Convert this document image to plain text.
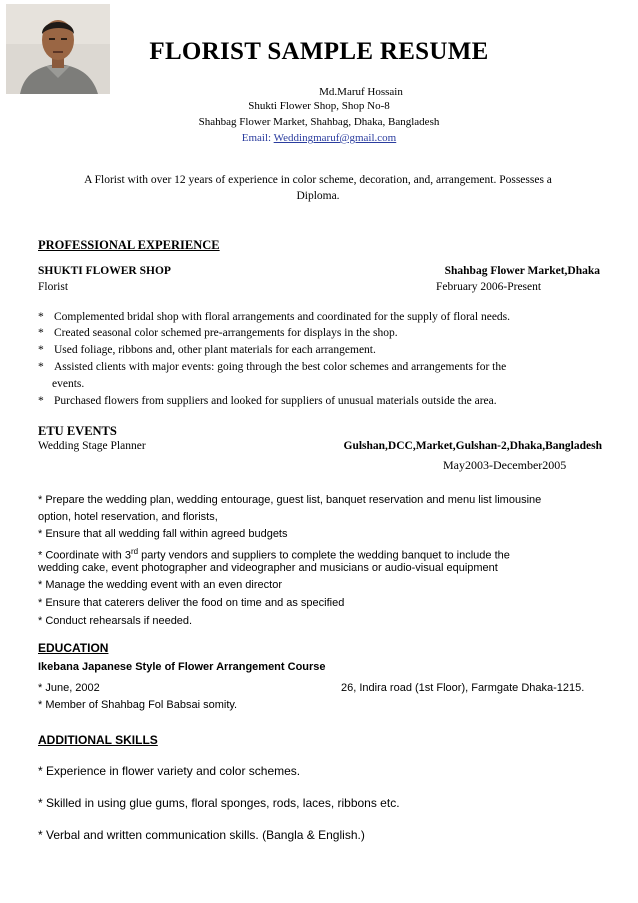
FLORIST SAMPLE RESUME
Md.Maruf Hossain
Shukti Flower Shop, Shop No-8
Shahbag Flower Market, Shahbag, Dhaka, Bangladesh
Email: Weddingmaruf@gmail.com
A Florist with over 12 years of experience in color scheme, decoration, and, arrangement. Possesses a
Diploma.
PROFESSIONAL EXPERIENCE
SHUKTI FLOWER SHOP	Shahbag Flower Market,Dhaka
Florist	February 2006-Present
* Complemented bridal shop with floral arrangements and coordinated for the supply of floral needs.
* Created seasonal color schemed pre-arrangements for displays in the shop.
* Used foliage, ribbons and, other plant materials for each arrangement.
* Assisted clients with major events: going through the best color schemes and arrangements for the
events.
* Purchased flowers from suppliers and looked for suppliers of unusual materials outside the area.
ETU EVENTS
Wedding Stage Planner	Gulshan,DCC,Market,Gulshan-2,Dhaka,Bangladesh
May2003-December2005
* Prepare the wedding plan, wedding entourage, guest list, banquet reservation and menu list limousine
option, hotel reservation, and florists,
* Ensure that all wedding fall within agreed budgets
* Coordinate with 3rd party vendors and suppliers to complete the wedding banquet to include the
wedding cake, event photographer and videographer and musicians or audio-visual equipment
* Manage the wedding event with an even director
* Ensure that caterers deliver the food on time and as specified
* Conduct rehearsals if needed.
EDUCATION
Ikebana Japanese Style of Flower Arrangement Course
* June, 2002	26, Indira road (1st Floor), Farmgate Dhaka-1215.
* Member of Shahbag Fol Babsai somity.
ADDITIONAL SKILLS
* Experience in flower variety and color schemes.
* Skilled in using glue gums, floral sponges, rods, laces, ribbons etc.
* Verbal and written communication skills. (Bangla & English.)
